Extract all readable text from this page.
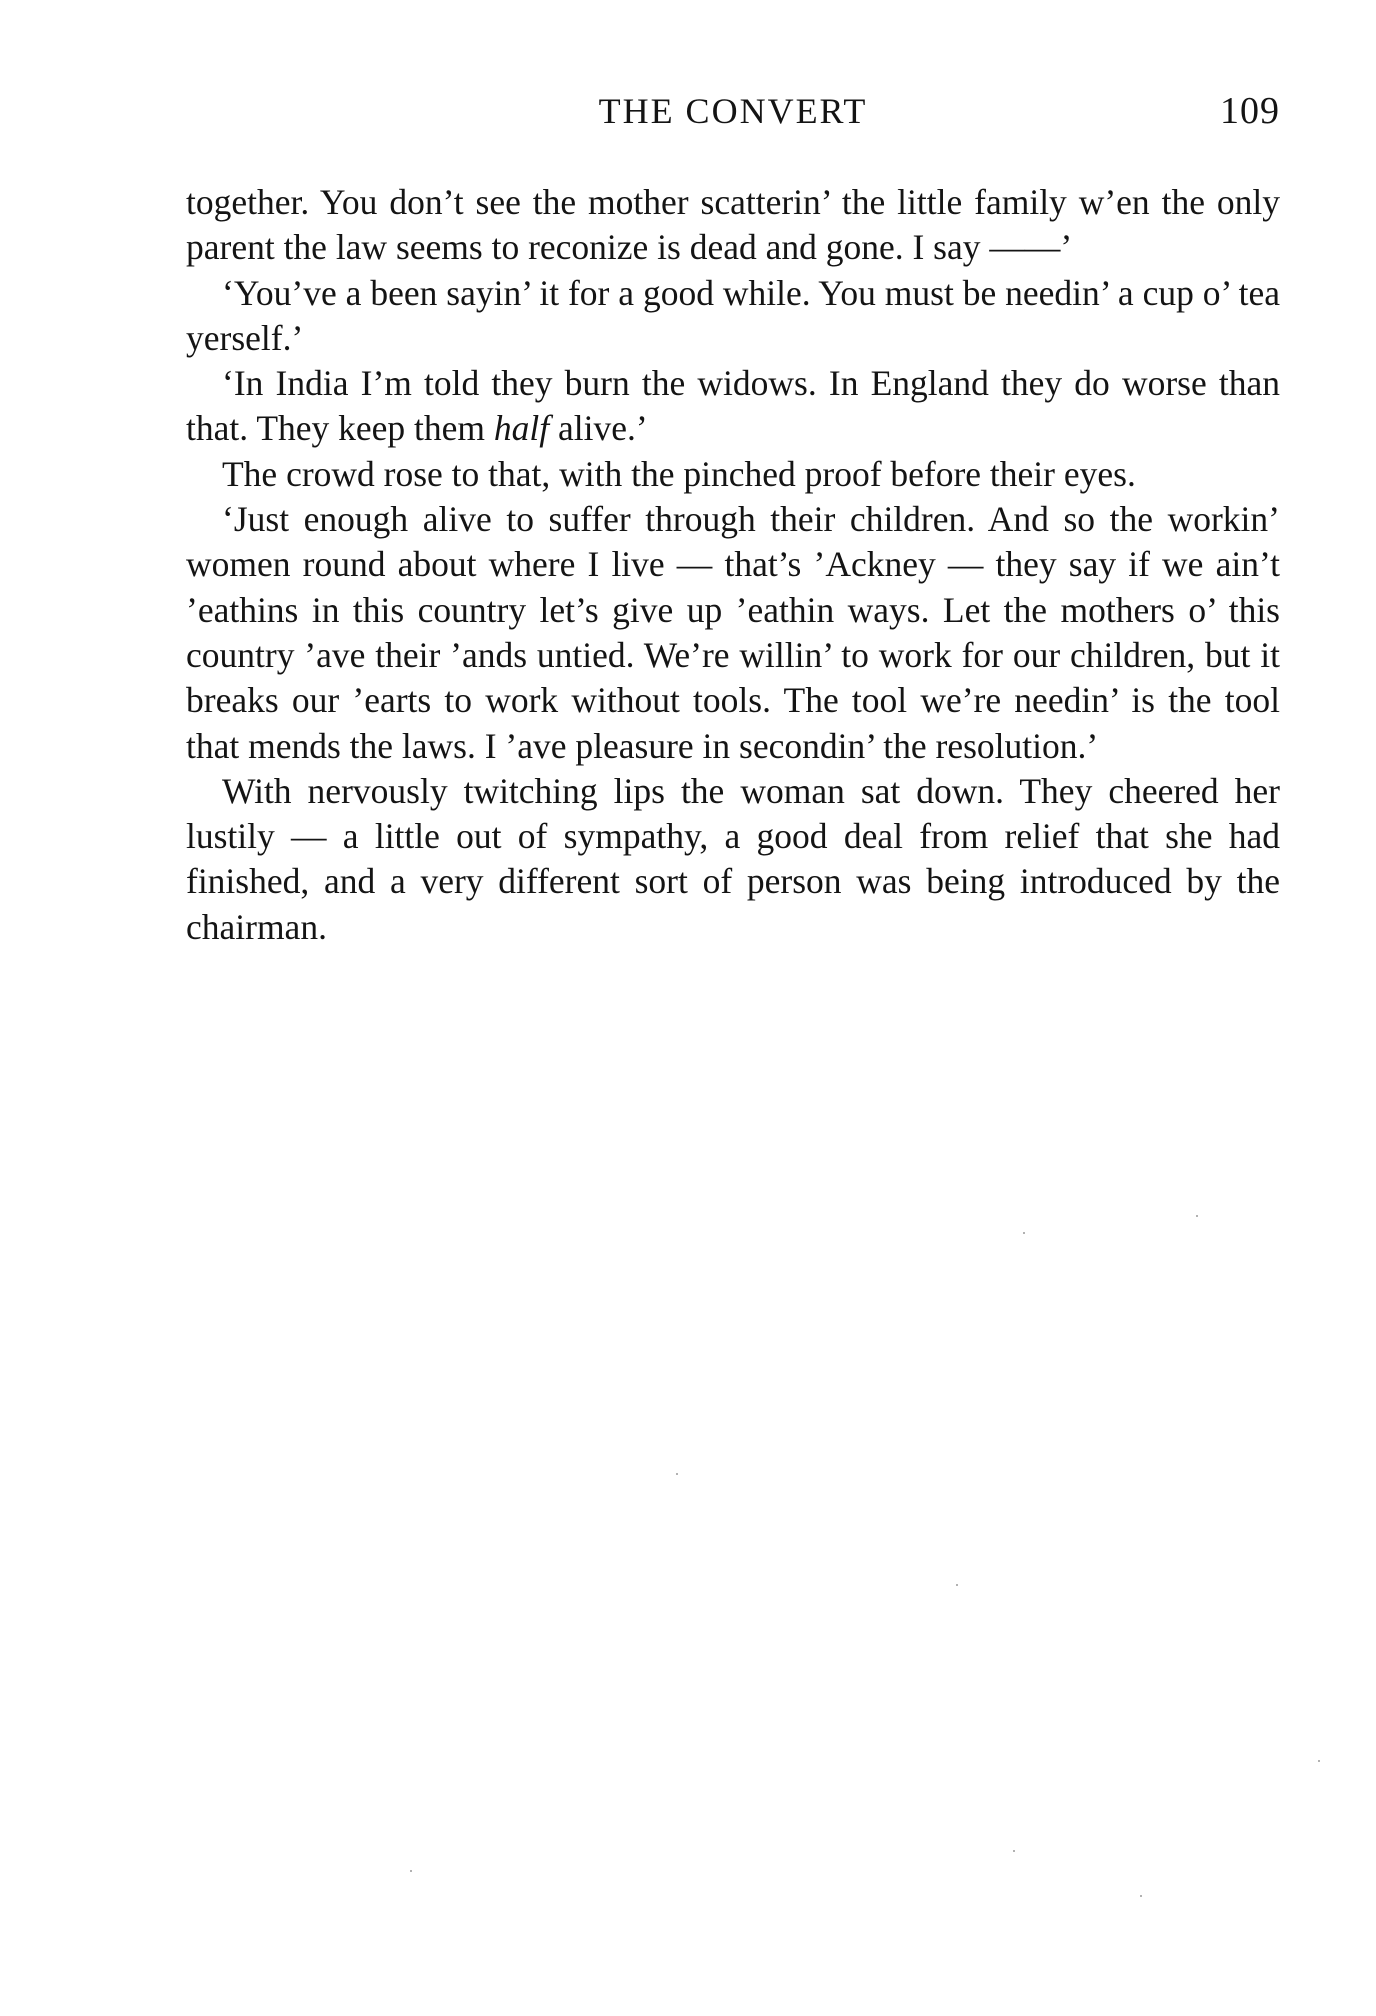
THE CONVERT	109

together. You don’t see the mother scatterin’ the little family w’en the only parent the law seems to reconize is dead and gone. I say ——’

‘You’ve a been sayin’ it for a good while. You must be needin’ a cup o’ tea yerself.’

‘In India I’m told they burn the widows. In England they do worse than that. They keep them half alive.’

The crowd rose to that, with the pinched proof before their eyes.

‘Just enough alive to suffer through their children. And so the workin’ women round about where I live — that’s ’Ackney — they say if we ain’t ’eathins in this country let’s give up ’eathin ways. Let the mothers o’ this country ’ave their ’ands untied. We’re willin’ to work for our children, but it breaks our ’earts to work without tools. The tool we’re needin’ is the tool that mends the laws. I ’ave pleasure in secondin’ the resolution.’

With nervously twitching lips the woman sat down. They cheered her lustily — a little out of sympathy, a good deal from relief that she had finished, and a very different sort of person was being introduced by the chairman.
